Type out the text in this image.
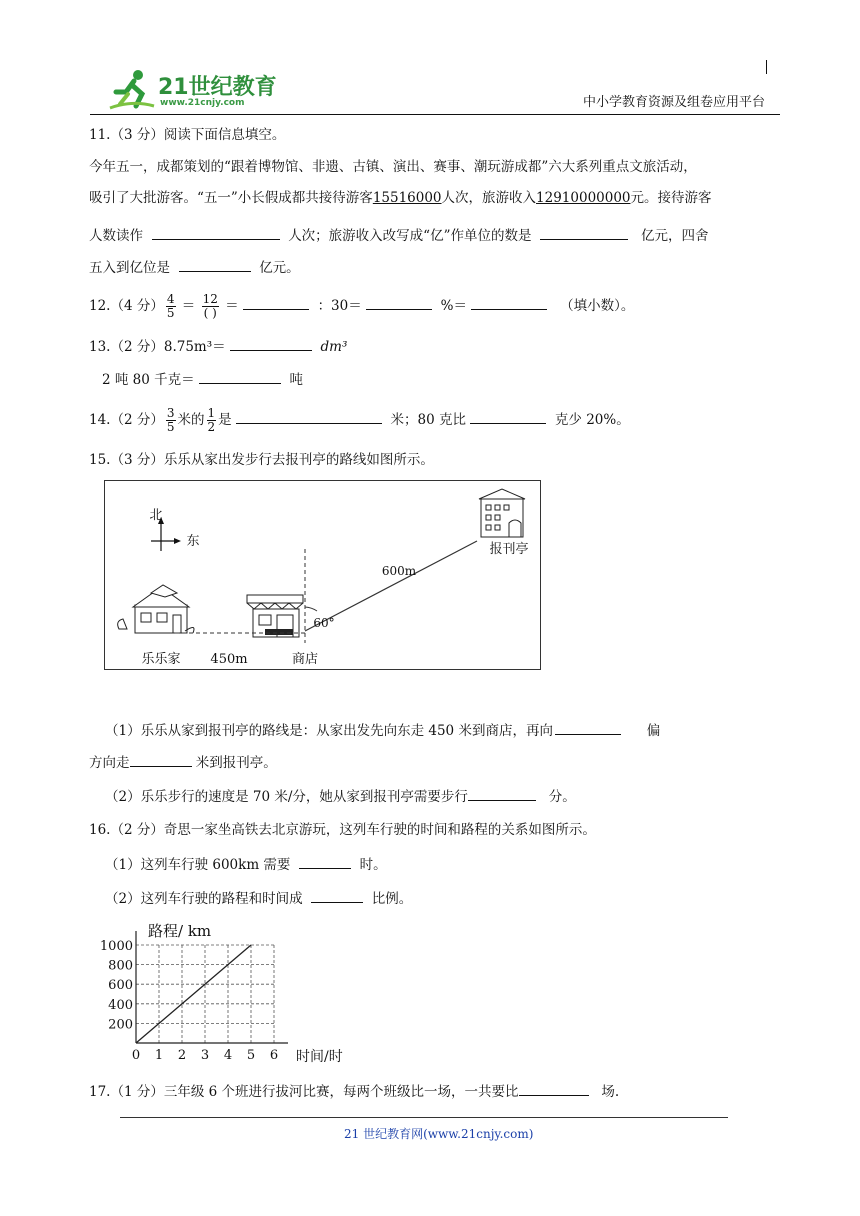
21世纪教育
www.21cnjy.com	中小学教育资源及组卷应用平台
11.（3 分）阅读下面信息填空。
今年五一，成都策划的“跟着博物馆、非遗、古镇、演出、赛事、潮玩游成都”六大系列重点文旅活动，
吸引了大批游客。“五一”小长假成都共接待游客15516000人次，旅游收入12910000000元。接待游客
人数读作	人次；旅游收入改写成“亿”作单位的数是	亿元，四舍
五入到亿位是	亿元。
12.（4 分） $\frac{4}{5} = \frac{12}{( )}$ ＝	：30＝	%＝	（填小数）。
13.（2 分）8.75m³＝	dm³
2 吨 80 千克＝	吨
14.（2 分） $\frac{3}{5}$ 米的 $\frac{1}{2}$ 是	米；80 克比	克少 20%。
15.（3 分）乐乐从家出发步行去报刊亭的路线如图所示。
北
东
乐乐家 450m	商店
60°
600m
报刊亭
（1）乐乐从家到报刊亭的路线是：从家出发先向东走 450 米到商店，再向	偏
方向走	米到报刊亭。
（2）乐乐步行的速度是 70 米/分，她从家到报刊亭需要步行	分。
16.（2 分）奇思一家坐高铁去北京游玩，这列车行驶的时间和路程的关系如图所示。
（1）这列车行驶 600km 需要	时。
（2）这列车行驶的路程和时间成	比例。
0 1 2 3 4 5 6
200
400
600
800
1000
路程/ km
时间/时
17.（1 分）三年级 6 个班进行拔河比赛，每两个班级比一场，一共要比	场.
21 世纪教育网(www.21cnjy.com)
